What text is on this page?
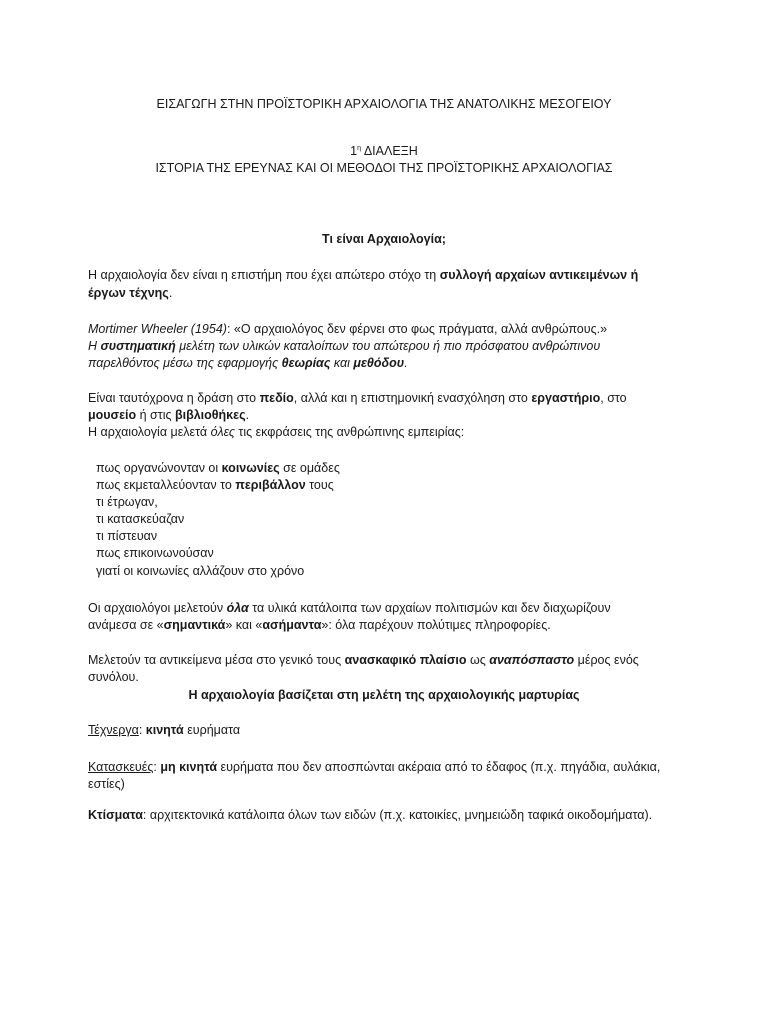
ΕΙΣΑΓΩΓΗ ΣΤΗΝ ΠΡΟΪΣΤΟΡΙΚΗ ΑΡΧΑΙΟΛΟΓΙΑ ΤΗΣ ΑΝΑΤΟΛΙΚΗΣ ΜΕΣΟΓΕΙΟΥ
$1^\eta$ ΔΙΑΛΕΞΗ
ΙΣΤΟΡΙΑ ΤΗΣ ΕΡΕΥΝΑΣ ΚΑΙ ΟΙ ΜΕΘΟΔΟΙ ΤΗΣ ΠΡΟΪΣΤΟΡΙΚΗΣ ΑΡΧΑΙΟΛΟΓΙΑΣ
Τι είναι Αρχαιολογία;
Η αρχαιολογία δεν είναι η επιστήμη που έχει απώτερο στόχο τη συλλογή αρχαίων αντικειμένων ή
έργων τέχνης.
Mortimer Wheeler (1954): «Ο αρχαιολόγος δεν φέρνει στο φως πράγματα, αλλά ανθρώπους.»
Η συστηματική μελέτη των υλικών καταλοίπων του απώτερου ή πιο πρόσφατου ανθρώπινου
παρελθόντος μέσω της εφαρμογής θεωρίας και μεθόδου.
Είναι ταυτόχρονα η δράση στο πεδίο, αλλά και η επιστημονική ενασχόληση στο εργαστήριο, στο
μουσείο ή στις βιβλιοθήκες.
Η αρχαιολογία μελετά όλες τις εκφράσεις της ανθρώπινης εμπειρίας:
πως οργανώνονταν οι κοινωνίες σε ομάδες
πως εκμεταλλεύονταν το περιβάλλον τους
τι έτρωγαν,
τι κατασκεύαζαν
τι πίστευαν
πως επικοινωνούσαν
γιατί οι κοινωνίες αλλάζουν στο χρόνο
Οι αρχαιολόγοι μελετούν όλα τα υλικά κατάλοιπα των αρχαίων πολιτισμών και δεν διαχωρίζουν
ανάμεσα σε «σημαντικά» και «ασήμαντα»: όλα παρέχουν πολύτιμες πληροφορίες.
Μελετούν τα αντικείμενα μέσα στο γενικό τους ανασκαφικό πλαίσιο ως αναπόσπαστο μέρος ενός
συνόλου.
Η αρχαιολογία βασίζεται στη μελέτη της αρχαιολογικής μαρτυρίας
Τέχνεργα: κινητά ευρήματα
Κατασκευές: μη κινητά ευρήματα που δεν αποσπώνται ακέραια από το έδαφος (π.χ. πηγάδια, αυλάκια,
εστίες)
Κτίσματα: αρχιτεκτονικά κατάλοιπα όλων των ειδών (π.χ. κατοικίες, μνημειώδη ταφικά οικοδομήματα).
